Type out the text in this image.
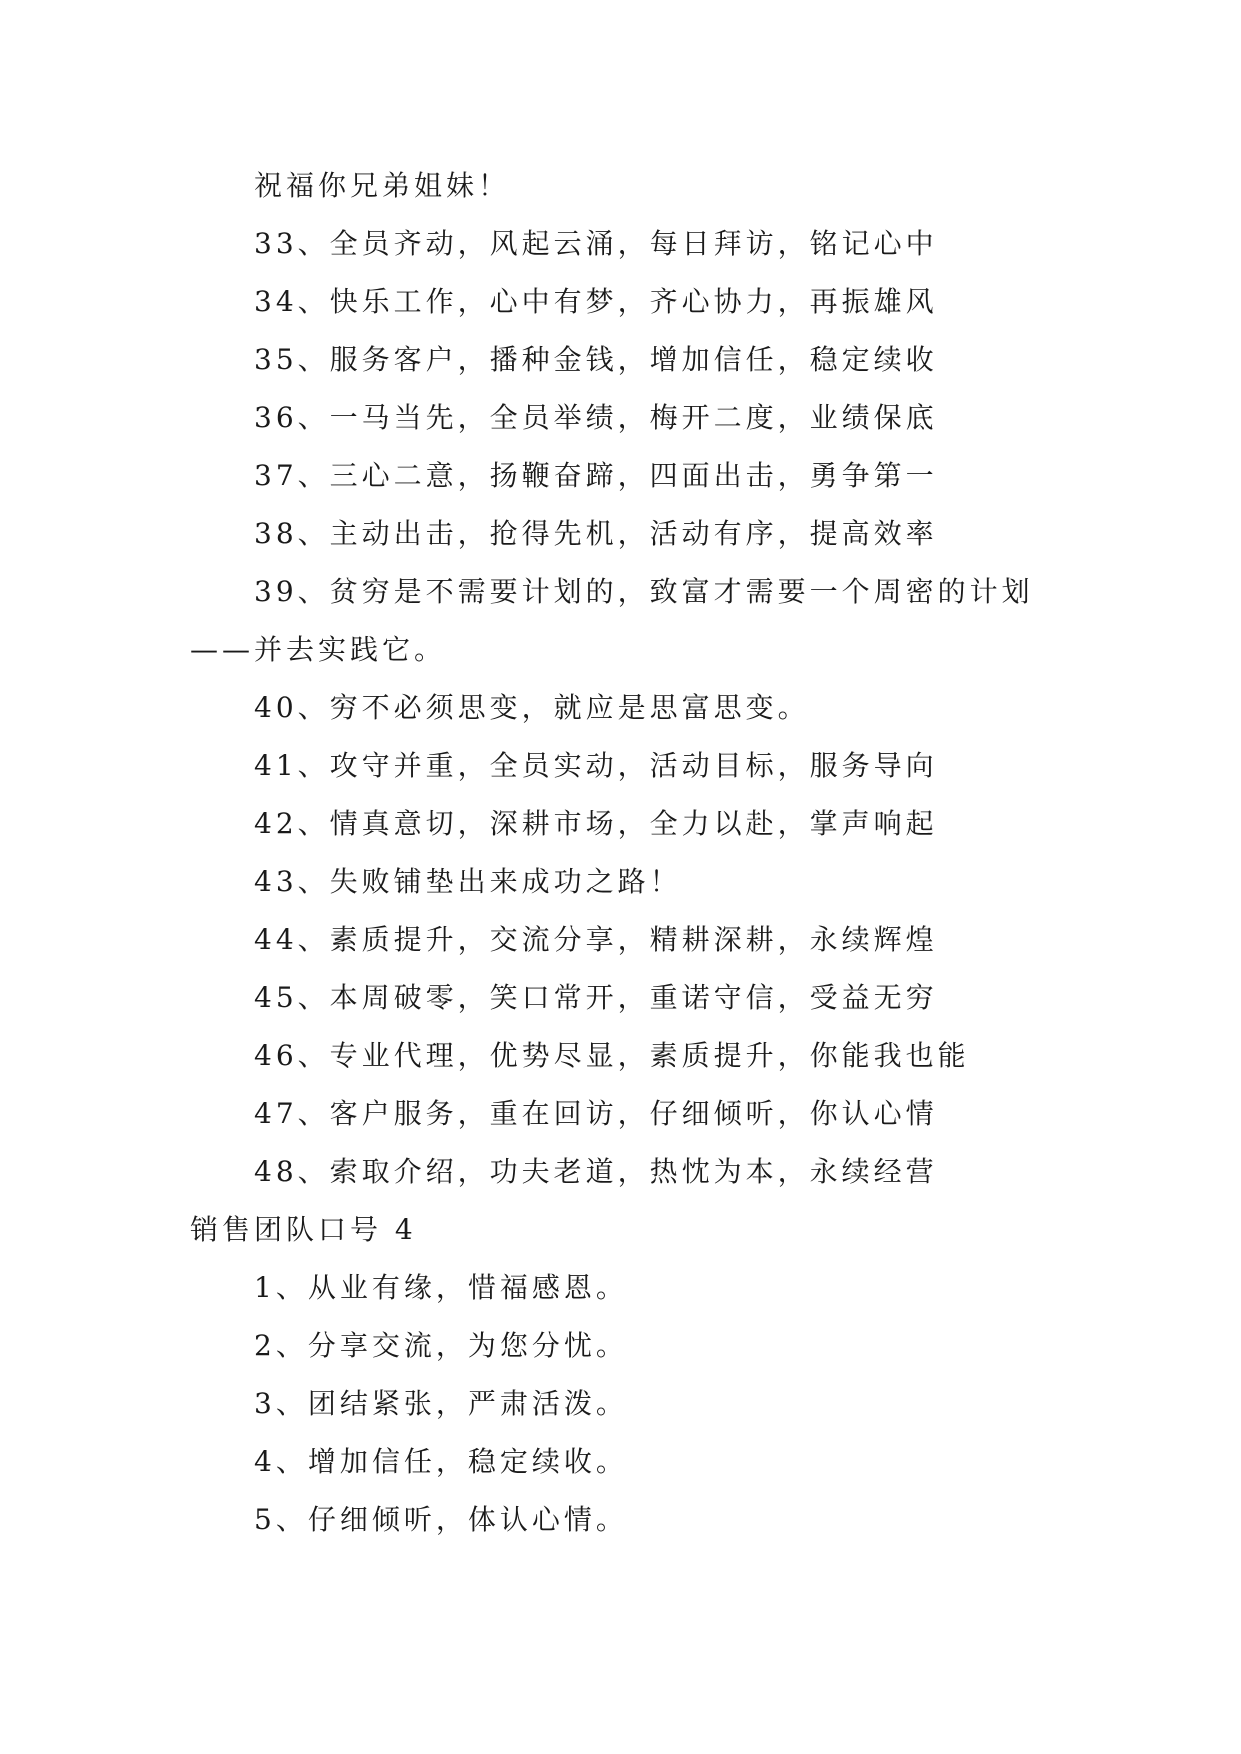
祝福你兄弟姐妹！
33、全员齐动，风起云涌，每日拜访，铭记心中
34、快乐工作，心中有梦，齐心协力，再振雄风
35、服务客户，播种金钱，增加信任，稳定续收
36、一马当先，全员举绩，梅开二度，业绩保底
37、三心二意，扬鞭奋蹄，四面出击，勇争第一
38、主动出击，抢得先机，活动有序，提高效率
39、贫穷是不需要计划的，致富才需要一个周密的计划
——并去实践它。
40、穷不必须思变，就应是思富思变。
41、攻守并重，全员实动，活动目标，服务导向
42、情真意切，深耕市场，全力以赴，掌声响起
43、失败铺垫出来成功之路！
44、素质提升，交流分享，精耕深耕，永续辉煌
45、本周破零，笑口常开，重诺守信，受益无穷
46、专业代理，优势尽显，素质提升，你能我也能
47、客户服务，重在回访，仔细倾听，你认心情
48、索取介绍，功夫老道，热忱为本，永续经营
销售团队口号 4
1、从业有缘，惜福感恩。
2、分享交流，为您分忧。
3、团结紧张，严肃活泼。
4、增加信任，稳定续收。
5、仔细倾听，体认心情。
